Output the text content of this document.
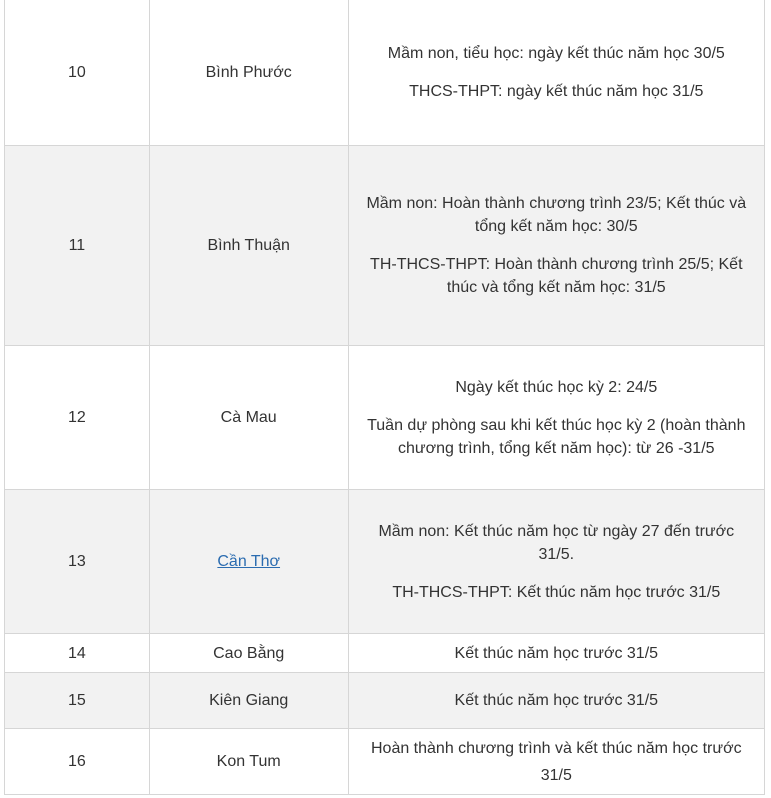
10	Bình Phước	Mầm non, tiểu học: ngày kết thúc năm học 30/5

THCS-THPT: ngày kết thúc năm học 31/5

11	Bình Thuận	Mầm non: Hoàn thành chương trình 23/5; Kết thúc và tổng kết năm học: 30/5

TH-THCS-THPT: Hoàn thành chương trình 25/5; Kết thúc và tổng kết năm học: 31/5

12	Cà Mau	Ngày kết thúc học kỳ 2: 24/5

Tuần dự phòng sau khi kết thúc học kỳ 2 (hoàn thành chương trình, tổng kết năm học): từ 26 -31/5

13	Cần Thơ	Mầm non: Kết thúc năm học từ ngày 27 đến trước 31/5.

TH-THCS-THPT: Kết thúc năm học trước 31/5

14	Cao Bằng	Kết thúc năm học trước 31/5

15	Kiên Giang	Kết thúc năm học trước 31/5

16	Kon Tum	Hoàn thành chương trình và kết thúc năm học trước 31/5
